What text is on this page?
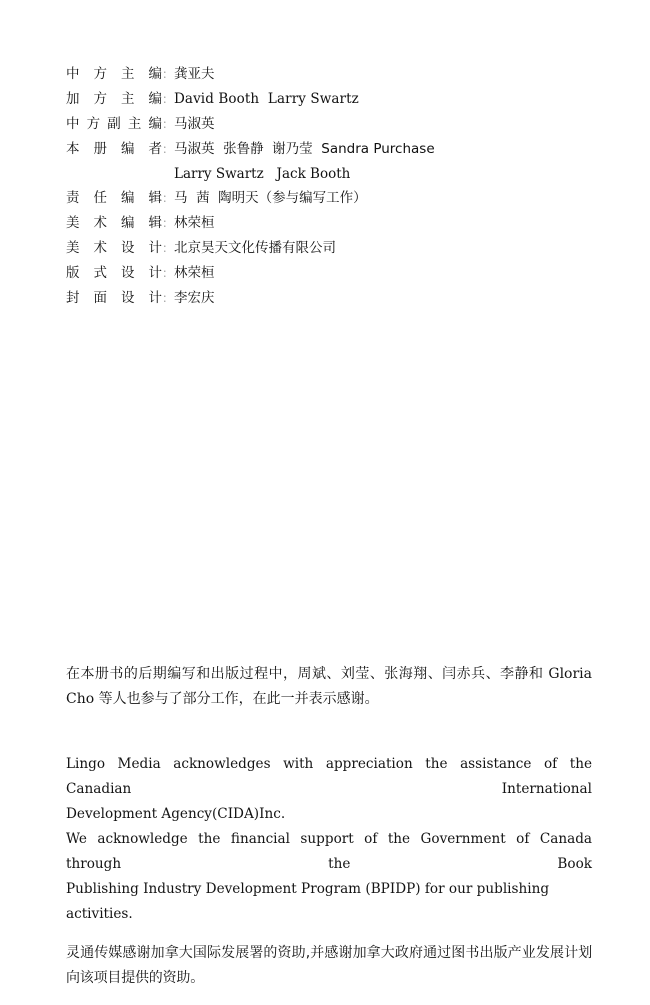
中方主编 ： 龚亚夫
加方主编 ： David Booth  Larry Swartz
中方副主编 ： 马淑英
本册编者 ： 马淑英  张鲁静  谢乃莹  Sandra Purchase
Larry Swartz   Jack Booth
责任编辑 ： 马  茜  陶明天（参与编写工作）
美术编辑 ： 林荣桓
美术设计 ： 北京昊天文化传播有限公司
版式设计 ： 林荣桓
封面设计 ： 李宏庆

在本册书的后期编写和出版过程中，周斌、刘莹、张海翔、闫赤兵、李静和 Gloria Cho 等人也参与了部分工作，在此一并表示感谢。

Lingo Media acknowledges with appreciation the assistance of the Canadian International
Development Agency(CIDA)Inc.
We acknowledge the financial support of the Government of Canada through the Book
Publishing Industry Development Program (BPIDP) for our publishing activities.

灵通传媒感谢加拿大国际发展署的资助,并感谢加拿大政府通过图书出版产业发展计划向该项目提供的资助。
